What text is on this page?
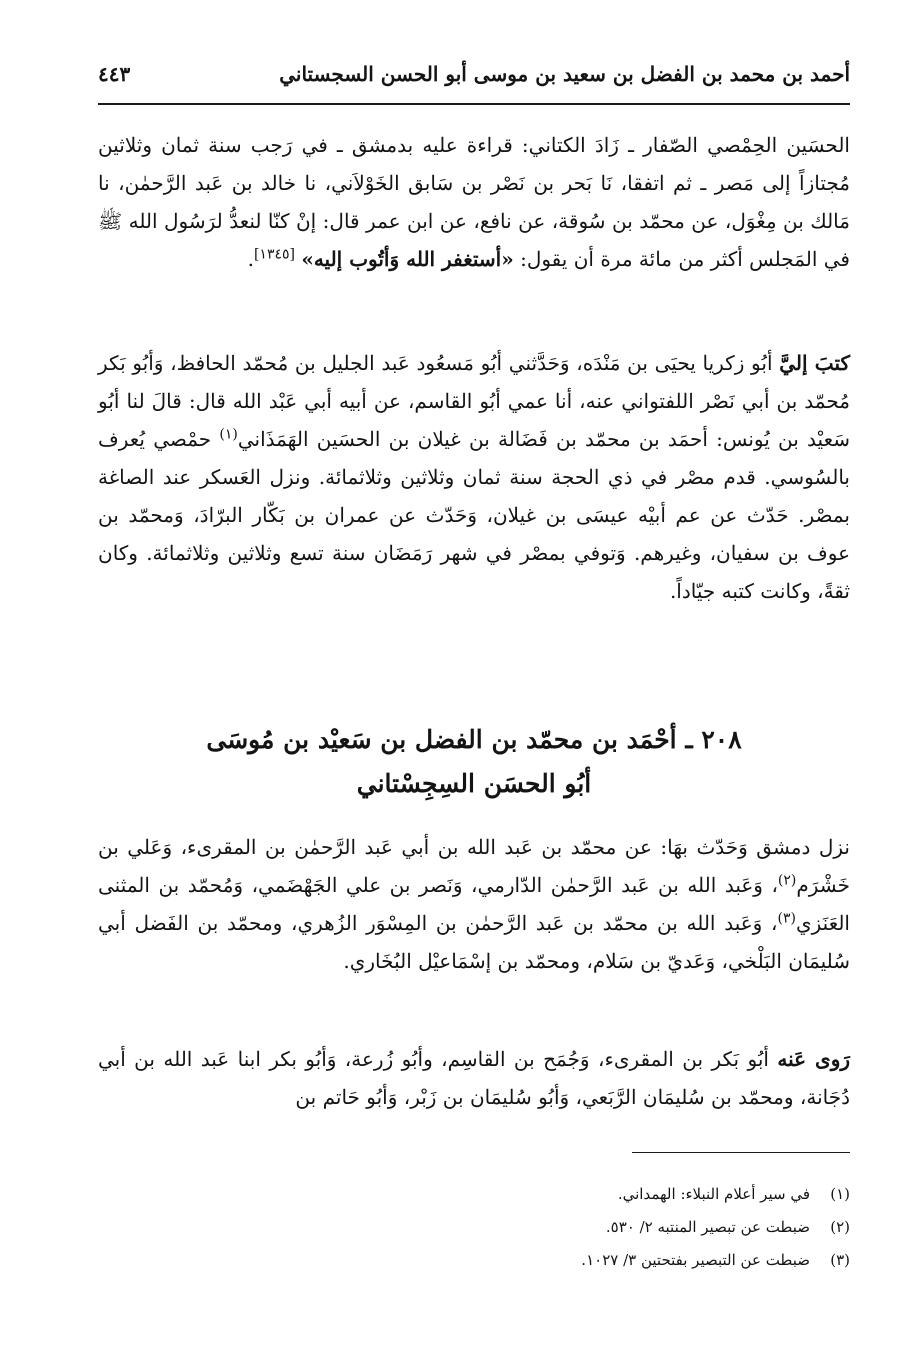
أحمد بن محمد بن الفضل بن سعيد بن موسى أبو الحسن السجستاني
٤٤٣

الحسَين الحِمْصي الصّفار ـ زَادَ الكتاني: قراءة عليه بدمشق ـ في رَجب سنة ثمان وثلاثين مُجتازاً إلى مَصر ـ ثم اتفقا، نَا بَحر بن نَصْر بن سَابق الخَوْلاَني، نا خالد بن عَبد الرَّحمٰن، نا مَالك بن مِغْوَل، عن محمّد بن سُوقة، عن نافع، عن ابن عمر قال: إنْ كنّا لنعدُّ لرَسُول الله ﷺ في المَجلس أكثر من مائة مرة أن يقول: «أستغفر الله وَأتُوب إليه» [١٣٤٥].

كتبَ إليَّ أبُو زكريا يحيَى بن مَنْدَه، وَحَدَّثني أبُو مَسعُود عَبد الجليل بن مُحمّد الحافظ، وَأبُو بَكر مُحمّد بن أبي نَصْر اللفتواني عنه، أنا عمي أبُو القاسم، عن أبيه أبي عَبْد الله قال: قالَ لنا أبُو سَعيْد بن يُونس: أحمَد بن محمّد بن فَضَالة بن غيلان بن الحسَين الهَمَذَاني$^{(١)}$ حمْصي يُعرف بالسُوسي. قدم مصْر في ذي الحجة سنة ثمان وثلاثين وثلاثمائة. ونزل العَسكر عند الصاغة بمصْر. حَدّث عن عم أبيْه عيسَى بن غيلان، وَحَدّث عن عمران بن بَكّار البرّادَ، وَمحمّد بن عوف بن سفيان، وغيرهم. وَتوفي بمصْر في شهر رَمَضَان سنة تسع وثلاثين وثلاثمائة. وكان ثقةً، وكانت كتبه جيّاداً.

٢٠٨ ـ أحْمَد بن محمّد بن الفضل بن سَعيْد بن مُوسَى
أبُو الحسَن السِجِسْتاني

نزل دمشق وَحَدّث بهَا: عن محمّد بن عَبد الله بن أبي عَبد الرَّحمٰن بن المقرىء، وَعَلي بن خَشْرَم$^{(٢)}$، وَعَبد الله بن عَبد الرَّحمٰن الدّارمي، وَنَصر بن علي الجَهْضَمي، وَمُحمّد بن المثنى العَنَزي$^{(٣)}$، وَعَبد الله بن محمّد بن عَبد الرَّحمٰن بن المِسْوَر الزُهري، ومحمّد بن الفَضل أبي سُليمَان البَلْخي، وَعَديّ بن سَلام، ومحمّد بن إسْمَاعيْل البُخَاري.

رَوى عَنه أبُو بَكر بن المقرىء، وَجُمَح بن القاسِم، وأبُو زُرعة، وَأبُو بكر ابنا عَبد الله بن أبي دُجَانة، ومحمّد بن سُليمَان الرَّبَعي، وَأبُو سُليمَان بن زَبْر، وَأبُو حَاتم بن

(١)في سير أعلام النبلاء: الهمداني.
(٢)ضبطت عن تبصير المنتبه ٢/ ٥٣٠.
(٣)ضبطت عن التبصير بفتحتين ٣/ ١٠٢٧.
